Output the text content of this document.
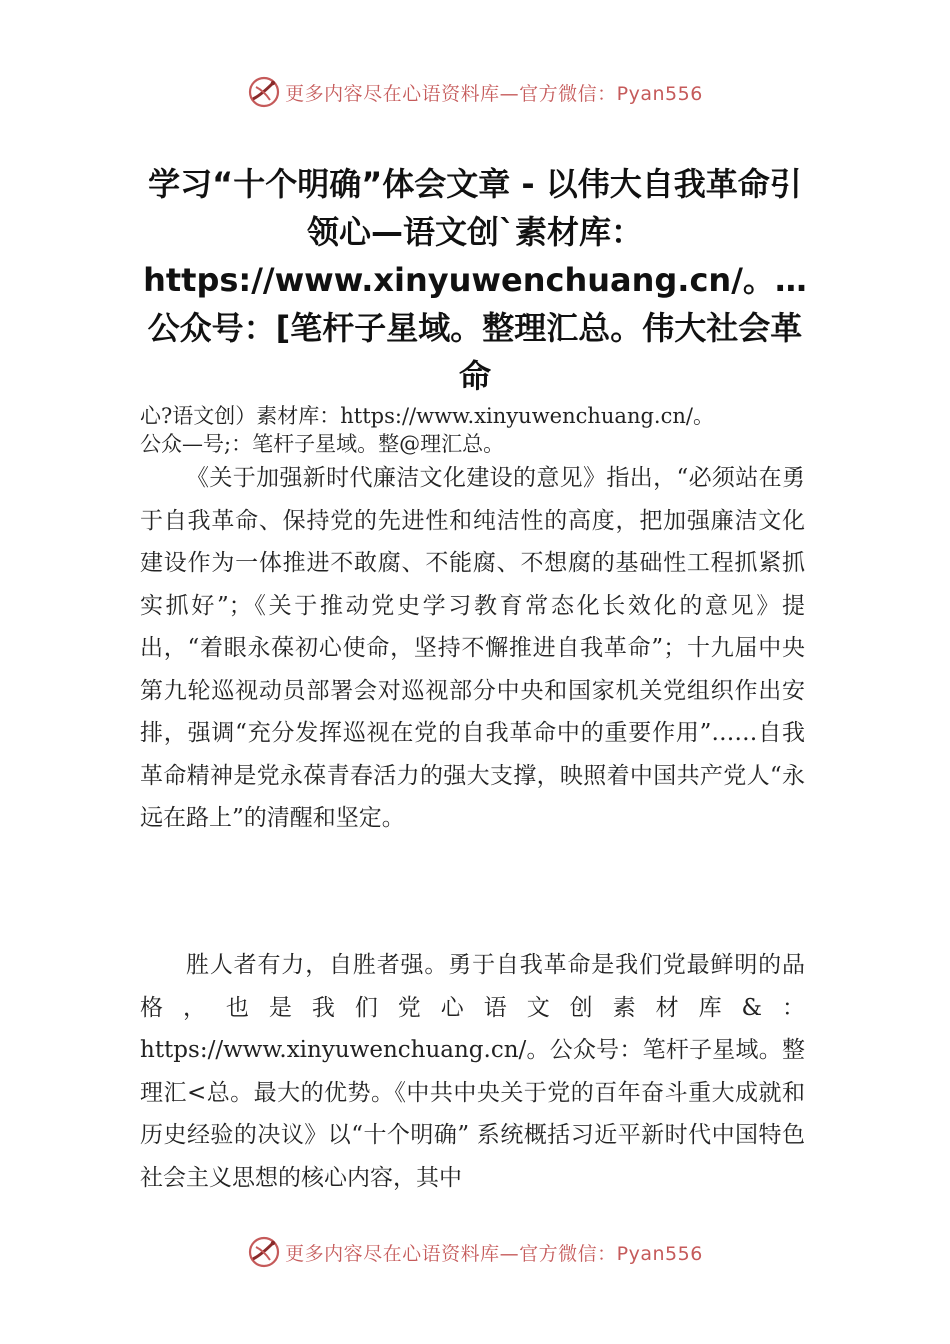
更多内容尽在心语资料库—官方微信：Pyan556
学习“十个明确”体会文章 - 以伟大自我革命引领心—语文创`素材库：https://www.xinyuwenchuang.cn/。…公众号：[笔杆子星域。整理汇总。伟大社会革命
心?语文创）素材库：https://www.xinyuwenchuang.cn/。
公众—号;：笔杆子星域。整@理汇总。

《关于加强新时代廉洁文化建设的意见》指出，“必须站在勇于自我革命、保持党的先进性和纯洁性的高度，把加强廉洁文化建设作为一体推进不敢腐、不能腐、不想腐的基础性工程抓紧抓实抓好”；《关于推动党史学习教育常态化长效化的意见》提出，“着眼永葆初心使命，坚持不懈推进自我革命”；十九届中央第九轮巡视动员部署会对巡视部分中央和国家机关党组织作出安排，强调“充分发挥巡视在党的自我革命中的重要作用”……自我革命精神是党永葆青春活力的强大支撑，映照着中国共产党人“永远在路上”的清醒和坚定。

胜人者有力，自胜者强。勇于自我革命是我们党最鲜明的品格，也是我们党心语文创素材库&：https://www.xinyuwenchuang.cn/。公众号：笔杆子星域。整理汇<总。最大的优势。《中共中央关于党的百年奋斗重大成就和历史经验的决议》以“十个明确” 系统概括习近平新时代中国特色社会主义思想的核心内容，其中

更多内容尽在心语资料库—官方微信：Pyan556
